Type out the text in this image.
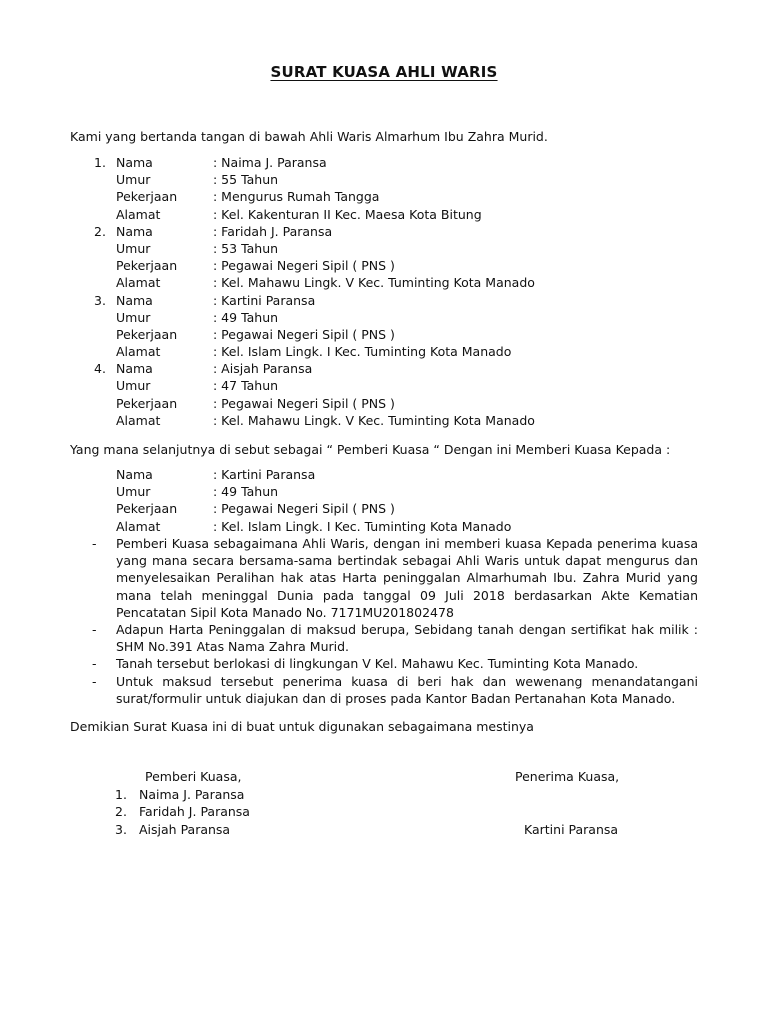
SURAT KUASA AHLI WARIS
Kami yang bertanda tangan di bawah Ahli Waris Almarhum Ibu Zahra Murid.
1. Nama	: Naima J. Paransa
Umur	: 55 Tahun
Pekerjaan	: Mengurus Rumah Tangga
Alamat	: Kel. Kakenturan II Kec. Maesa Kota Bitung
2. Nama	: Faridah J. Paransa
Umur	: 53 Tahun
Pekerjaan	: Pegawai Negeri Sipil ( PNS )
Alamat	: Kel. Mahawu Lingk. V Kec. Tuminting Kota Manado
3. Nama	: Kartini Paransa
Umur	: 49 Tahun
Pekerjaan	: Pegawai Negeri Sipil ( PNS )
Alamat	: Kel. Islam Lingk. I Kec. Tuminting Kota Manado
4. Nama	: Aisjah Paransa
Umur	: 47 Tahun
Pekerjaan	: Pegawai Negeri Sipil ( PNS )
Alamat	: Kel. Mahawu Lingk. V Kec. Tuminting Kota Manado
Yang mana selanjutnya di sebut sebagai “ Pemberi Kuasa “ Dengan ini Memberi Kuasa Kepada :
Nama	: Kartini Paransa
Umur	: 49 Tahun
Pekerjaan	: Pegawai Negeri Sipil ( PNS )
Alamat	: Kel. Islam Lingk. I Kec. Tuminting Kota Manado
- Pemberi Kuasa sebagaimana Ahli Waris, dengan ini memberi kuasa Kepada penerima kuasa yang mana secara bersama-sama bertindak sebagai Ahli Waris untuk dapat mengurus dan menyelesaikan Peralihan hak atas Harta peninggalan Almarhumah Ibu. Zahra Murid yang mana telah meninggal Dunia pada tanggal 09 Juli 2018 berdasarkan Akte Kematian Pencatatan Sipil Kota Manado No. 7171MU201802478
- Adapun Harta Peninggalan di maksud berupa, Sebidang tanah dengan sertifikat hak milik : SHM No.391 Atas Nama Zahra Murid.
- Tanah tersebut berlokasi di lingkungan V Kel. Mahawu Kec. Tuminting Kota Manado.
- Untuk maksud tersebut penerima kuasa di beri hak dan wewenang menandatangani surat/formulir untuk diajukan dan di proses pada Kantor Badan Pertanahan Kota Manado.
Demikian Surat Kuasa ini di buat untuk digunakan sebagaimana mestinya
Pemberi Kuasa,
1. Naima J. Paransa
2. Faridah J. Paransa
3. Aisjah Paransa
Penerima Kuasa,
Kartini Paransa
